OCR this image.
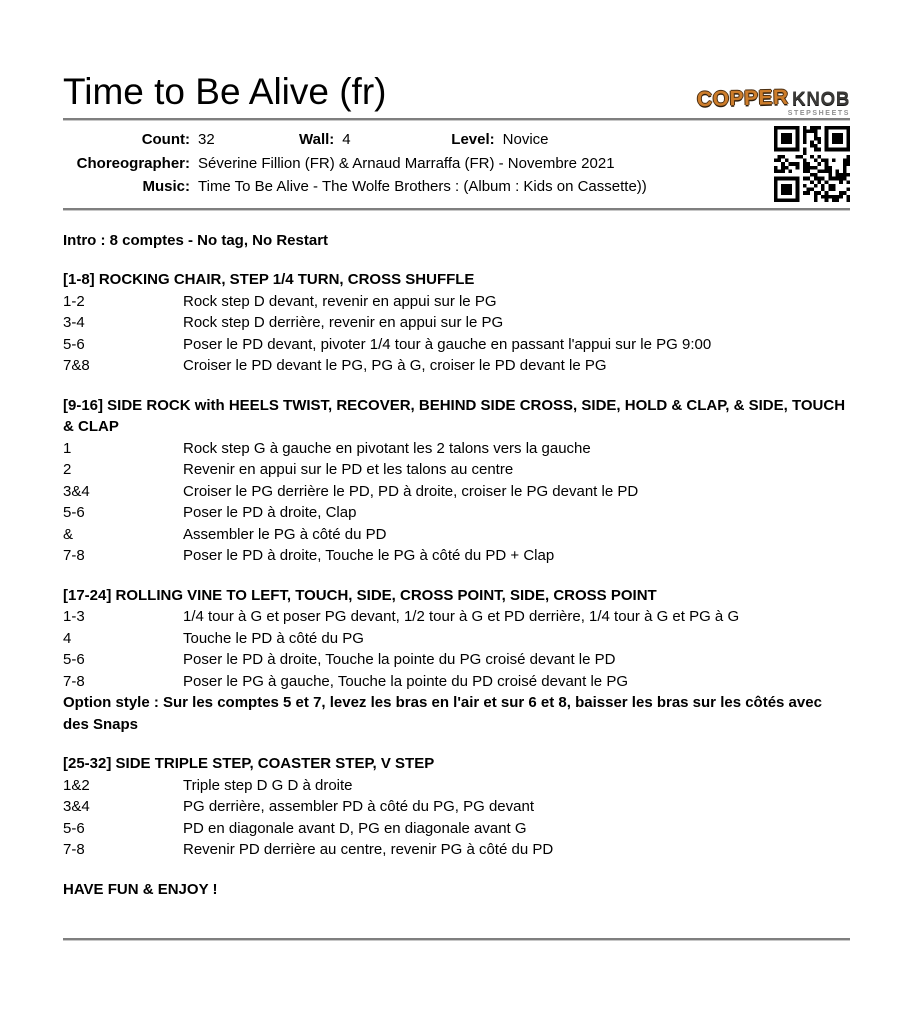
Time to Be Alive (fr)	COPPER KNOB
STEPSHEETS
Count: 32	Wall: 4	Level: Novice
Choreographer: Séverine Fillion (FR) & Arnaud Marraffa (FR) - Novembre 2021
Music: Time To Be Alive - The Wolfe Brothers : (Album : Kids on Cassette))

Intro : 8 comptes - No tag, No Restart

[1-8] ROCKING CHAIR, STEP 1/4 TURN, CROSS SHUFFLE
1-2	Rock step D devant, revenir en appui sur le PG
3-4	Rock step D derrière, revenir en appui sur le PG
5-6	Poser le PD devant, pivoter 1/4 tour à gauche en passant l'appui sur le PG 9:00
7&8	Croiser le PD devant le PG, PG à G, croiser le PD devant le PG
[9-16] SIDE ROCK with HEELS TWIST, RECOVER, BEHIND SIDE CROSS, SIDE, HOLD & CLAP, & SIDE, TOUCH & CLAP
1	Rock step G à gauche en pivotant les 2 talons vers la gauche
2	Revenir en appui sur le PD et les talons au centre
3&4	Croiser le PG derrière le PD, PD à droite, croiser le PG devant le PD
5-6	Poser le PD à droite, Clap
&	Assembler le PG à côté du PD
7-8	Poser le PD à droite, Touche le PG à côté du PD + Clap
[17-24] ROLLING VINE TO LEFT, TOUCH, SIDE, CROSS POINT, SIDE, CROSS POINT
1-3	1/4 tour à G et poser PG devant, 1/2 tour à G et PD derrière, 1/4 tour à G et PG à G
4	Touche le PD à côté du PG
5-6	Poser le PD à droite, Touche la pointe du PG croisé devant le PD
7-8	Poser le PG à gauche, Touche la pointe du PD croisé devant le PG

Option style : Sur les comptes 5 et 7, levez les bras en l'air et sur 6 et 8, baisser les bras sur les côtés avec des Snaps

[25-32] SIDE TRIPLE STEP, COASTER STEP, V STEP
1&2	Triple step D G D à droite
3&4	PG derrière, assembler PD à côté du PG, PG devant
5-6	PD en diagonale avant D, PG en diagonale avant G
7-8	Revenir PD derrière au centre, revenir PG à côté du PD

HAVE FUN & ENJOY !
